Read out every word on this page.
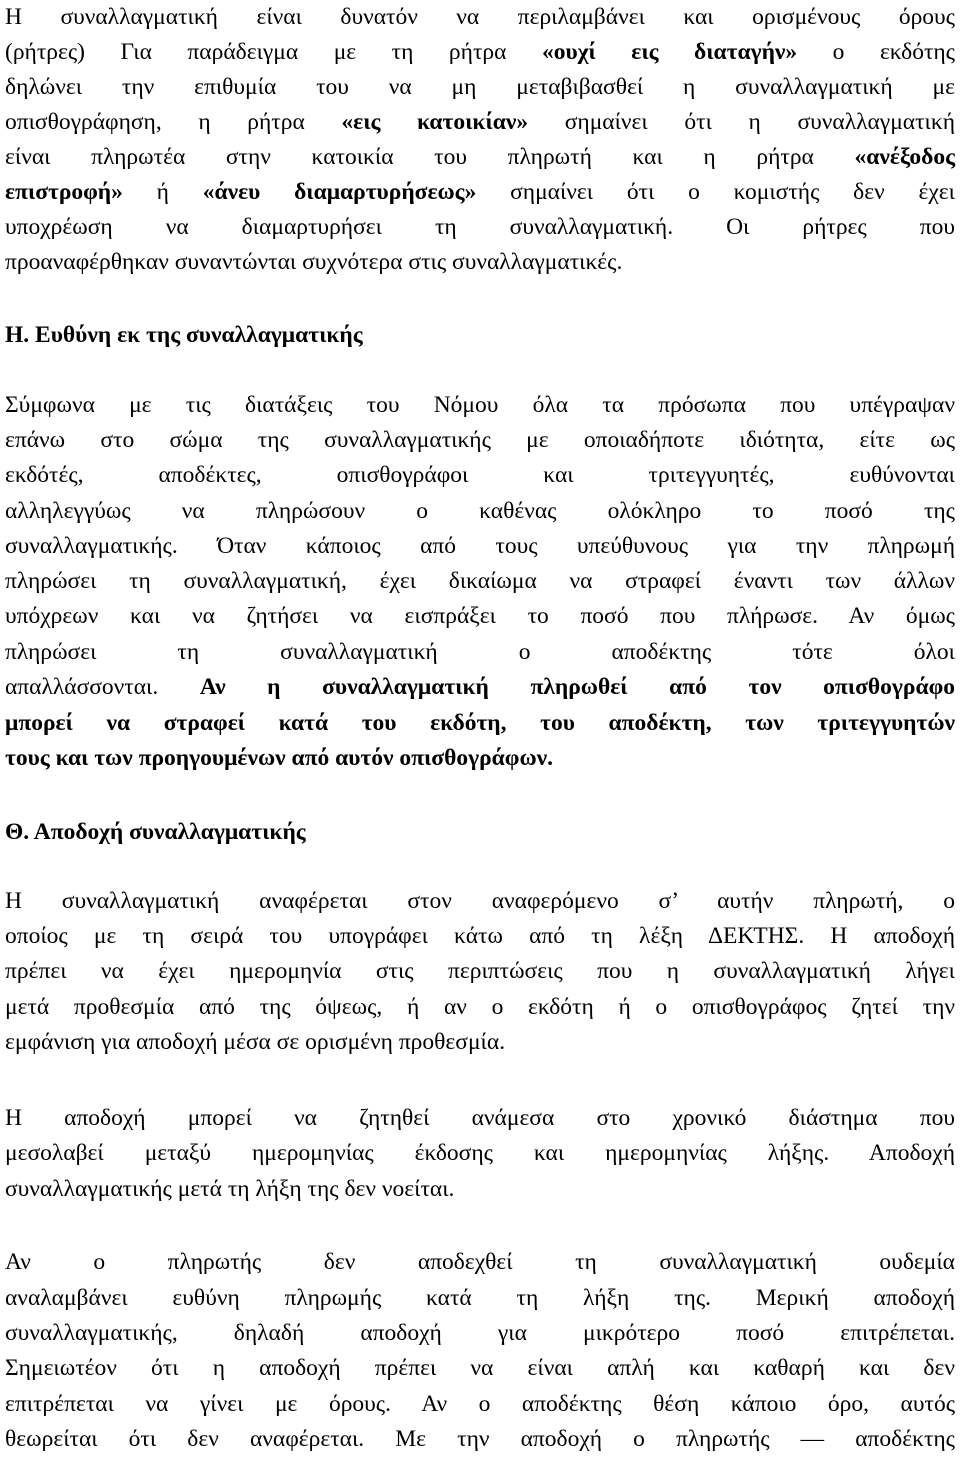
Η συναλλαγματική είναι δυνατόν να περιλαμβάνει και ορισμένους όρους
(ρήτρες) Για παράδειγμα με τη ρήτρα «ουχί εις διαταγήν» ο εκδότης
δηλώνει την επιθυμία του να μη μεταβιβασθεί η συναλλαγματική με
οπισθογράφηση, η ρήτρα «εις κατοικίαν» σημαίνει ότι η συναλλαγματική
είναι πληρωτέα στην κατοικία του πληρωτή και η ρήτρα «ανέξοδος
επιστροφή» ή «άνευ διαμαρτυρήσεως» σημαίνει ότι ο κομιστής δεν έχει
υποχρέωση να διαμαρτυρήσει τη συναλλαγματική. Οι ρήτρες που
προαναφέρθηκαν συναντώνται συχνότερα στις συναλλαγματικές.
Η. Ευθύνη εκ της συναλλαγματικής
Σύμφωνα με τις διατάξεις του Νόμου όλα τα πρόσωπα που υπέγραψαν
επάνω στο σώμα της συναλλαγματικής με οποιαδήποτε ιδιότητα, είτε ως
εκδότές, αποδέκτες, οπισθογράφοι και τριτεγγυητές, ευθύνονται
αλληλεγγύως να πληρώσουν ο καθένας ολόκληρο το ποσό της
συναλλαγματικής. Όταν κάποιος από τους υπεύθυνους για την πληρωμή
πληρώσει τη συναλλαγματική, έχει δικαίωμα να στραφεί έναντι των άλλων
υπόχρεων και να ζητήσει να εισπράξει το ποσό που πλήρωσε. Αν όμως
πληρώσει τη συναλλαγματική ο αποδέκτης τότε όλοι
απαλλάσσονται. Αν η συναλλαγματική πληρωθεί από τον οπισθογράφο
μπορεί να στραφεί κατά του εκδότη, του αποδέκτη, των τριτεγγυητών
τους και των προηγουμένων από αυτόν οπισθογράφων.
Θ. Αποδοχή συναλλαγματικής
Η συναλλαγματική αναφέρεται στον αναφερόμενο σ’ αυτήν πληρωτή, ο
οποίος με τη σειρά του υπογράφει κάτω από τη λέξη ΔΕΚΤΗΣ. Η αποδοχή
πρέπει να έχει ημερομηνία στις περιπτώσεις που η συναλλαγματική λήγει
μετά προθεσμία από της όψεως, ή αν ο εκδότη ή ο οπισθογράφος ζητεί την
εμφάνιση για αποδοχή μέσα σε ορισμένη προθεσμία.
Η αποδοχή μπορεί να ζητηθεί ανάμεσα στο χρονικό διάστημα που
μεσολαβεί μεταξύ ημερομηνίας έκδοσης και ημερομηνίας λήξης. Αποδοχή
συναλλαγματικής μετά τη λήξη της δεν νοείται.
Αν ο πληρωτής δεν αποδεχθεί τη συναλλαγματική ουδεμία
αναλαμβάνει ευθύνη πληρωμής κατά τη λήξη της. Μερική αποδοχή
συναλλαγματικής, δηλαδή αποδοχή για μικρότερο ποσό επιτρέπεται.
Σημειωτέον ότι η αποδοχή πρέπει να είναι απλή και καθαρή και δεν
επιτρέπεται να γίνει με όρους. Αν ο αποδέκτης θέση κάποιο όρο, αυτός
θεωρείται ότι δεν αναφέρεται. Με την αποδοχή ο πληρωτής — αποδέκτης
